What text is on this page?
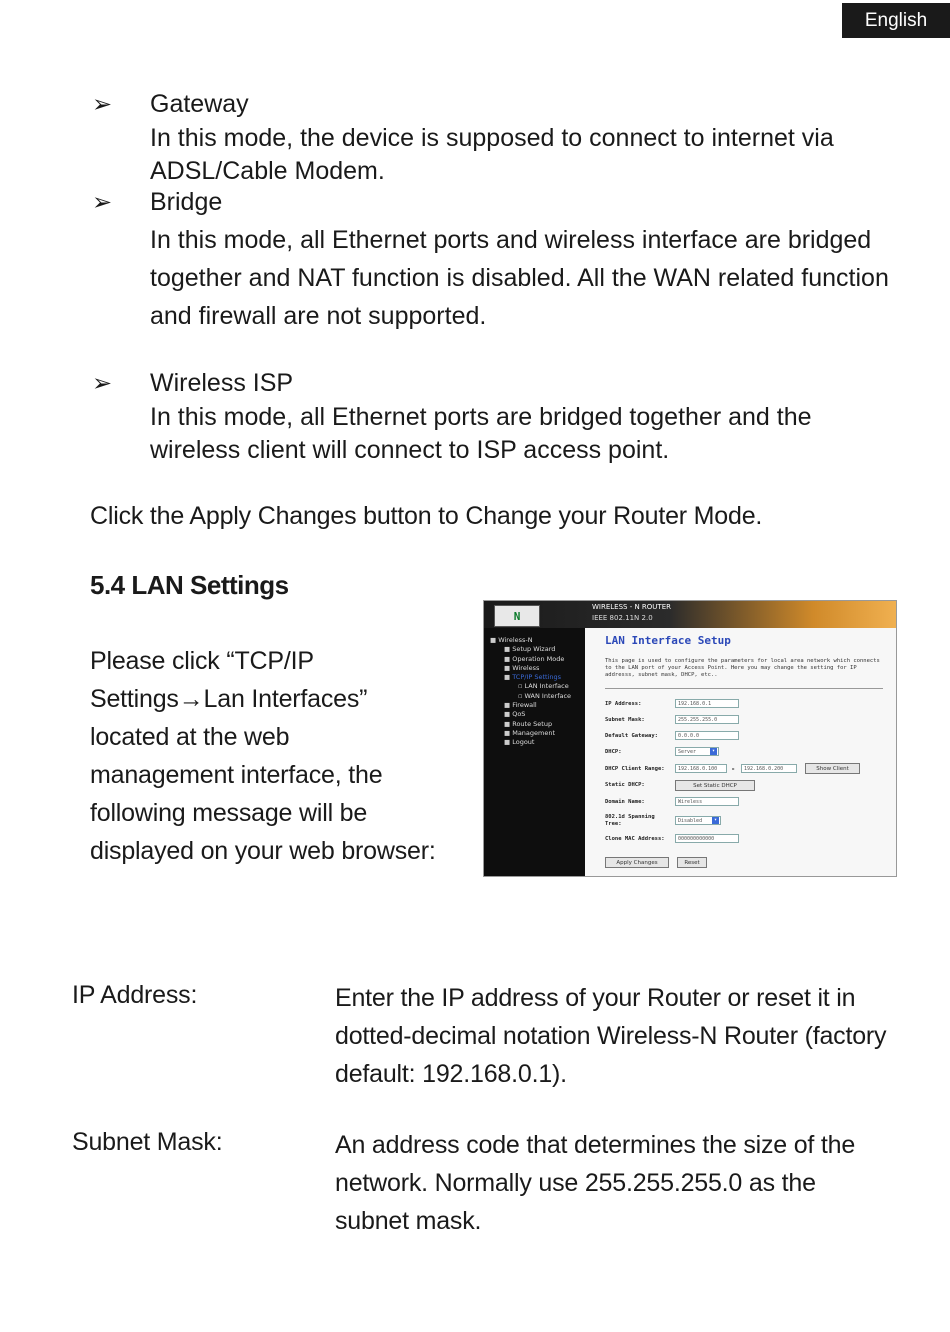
English
➢ Gateway
In this mode, the device is supposed to connect to internet via
ADSL/Cable Modem.
➢ Bridge
In this mode, all Ethernet ports and wireless interface are bridged
together and NAT function is disabled. All the WAN related function
and firewall are not supported.
➢ Wireless ISP
In this mode, all Ethernet ports are bridged together and the
wireless client will connect to ISP access point.
Click the Apply Changes button to Change your Router Mode.
5.4 LAN Settings
Please click “TCP/IP
Settings→Lan Interfaces”
located at the web
management interface, the
following message will be
displayed on your web browser:
N
WIRELESS - N ROUTER
IEEE 802.11N 2.0
■ Wireless-N
■ Setup Wizard
■ Operation Mode
■ Wireless
■ TCP/IP Settings
▫ LAN Interface
▫ WAN Interface
■ Firewall
■ QoS
■ Route Setup
■ Management
■ Logout
LAN Interface Setup
This page is used to configure the parameters for local area network which connects to the LAN port of your Access Point. Here you may change the setting for IP addresss, subnet mask, DHCP, etc..
IP Address:	192.168.0.1
Subnet Mask:	255.255.255.0
Default Gateway:	0.0.0.0
DHCP:	Server	▾
DHCP Client Range:	192.168.0.100	-	192.168.0.200	Show Client
Static DHCP:	Set Static DHCP
Domain Name:	Wireless
802.1d Spanning Tree:	Disabled	▾
Clone MAC Address:	000000000000
Apply Changes	Reset
IP Address:	Enter the IP address of your Router or reset it in
dotted-decimal notation Wireless-N Router (factory
default: 192.168.0.1).
Subnet Mask:	An address code that determines the size of the
network. Normally use 255.255.255.0 as the
subnet mask.
